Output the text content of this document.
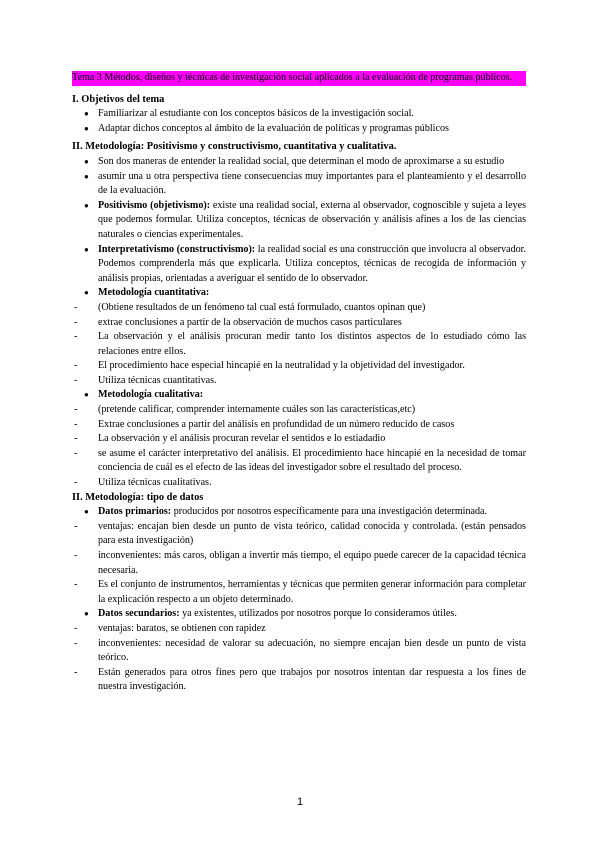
Tema 3 Métodos, diseños y técnicas de investigación social aplicados a la evaluación de programas públicos.

I. Objetivos del tema
● Familiarizar al estudiante con los conceptos básicos de la investigación social.
● Adaptar dichos conceptos al ámbito de la evaluación de políticas y programas públicos
II. Metodología: Positivismo y constructivismo, cuantitativa y cualitativa.
● Son dos maneras de entender la realidad social, que determinan el modo de aproximarse a su estudio
● asumir una u otra perspectiva tiene consecuencias muy importantes para el planteamiento y el desarrollo de la evaluación.
● Positivismo (objetivismo): existe una realidad social, externa al observador, cognoscible y sujeta a leyes que podemos formular. Utiliza conceptos, técnicas de observación y análisis afines a los de las ciencias naturales o ciencias experimentales.
● Interpretativismo (constructivismo): la realidad social es una construcción que involucra al observador. Podemos comprenderla más que explicarla. Utiliza conceptos, técnicas de recogida de información y análisis propias, orientadas a averiguar el sentido de lo observador.
● Metodología cuantitativa:
- (Obtiene resultados de un fenómeno tal cual está formulado, cuantos opinan que)
- extrae conclusiones a partir de la observación de muchos casos particulares
- La observación y el análisis procuran medir tanto los distintos aspectos de lo estudiado cómo las relaciones entre ellos.
- El procedimiento hace especial hincapié en la neutralidad y la objetividad del investigador.
- Utiliza técnicas cuantitativas.
● Metodología cualitativa:
- (pretende calificar, comprender internamente cuáles son las características,etc)
- Extrae conclusiones a partir del análisis en profundidad de un número reducido de casos
- La observación y el análisis procuran revelar el sentidos e lo estiadadio
- se asume el carácter interpretativo del análisis. El procedimiento hace hincapié en la necesidad de tomar conciencia de cuál es el efecto de las ideas del investigador sobre el resultado del proceso.
- Utiliza técnicas cualitativas.
II. Metodología: tipo de datos
● Datos primarios: producidos por nosotros específicamente para una investigación determinada.
- ventajas: encajan bien desde un punto de vista teórico, calidad conocida y controlada. (están pensados para esta investigación)
- inconvenientes: más caros, obligan a invertir más tiempo, el equipo puede carecer de la capacidad técnica necesaria.
- Es el conjunto de instrumentos, herramientas y técnicas que permiten generar información para completar la explicación respecto a un objeto determinado.
● Datos secundarios: ya existentes, utilizados por nosotros porque lo consideramos útiles.
- ventajas: baratos, se obtienen con rapidez
- inconvenientes: necesidad de valorar su adecuación, no siempre encajan bien desde un punto de vista teórico.
- Están generados para otros fines pero que trabajos por nosotros intentan dar respuesta a los fines de nuestra investigación.
1
